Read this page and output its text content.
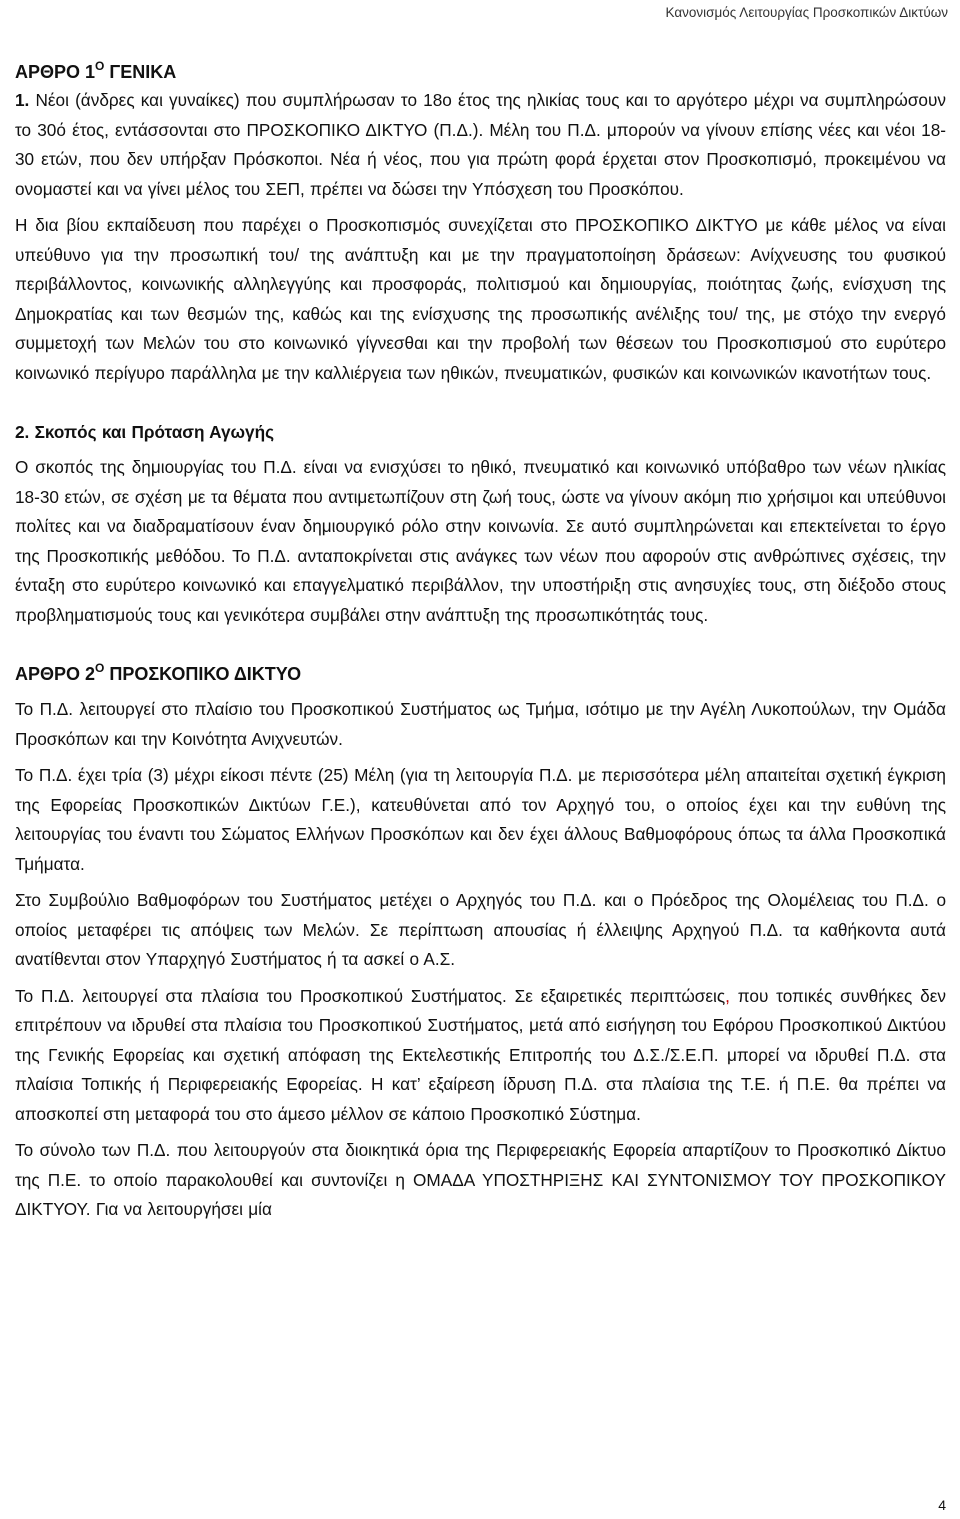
Κανονισμός Λειτουργίας Προσκοπικών Δικτύων
ΑΡΘΡΟ $1^O$ ΓΕΝΙΚΑ

1. Νέοι (άνδρες και γυναίκες) που συμπλήρωσαν το 18ο έτος της ηλικίας τους και το αργότερο μέχρι να συμπληρώσουν το 30ό έτος, εντάσσονται στο ΠΡΟΣΚΟΠΙΚΟ ΔΙΚΤΥΟ (Π.Δ.). Μέλη του Π.Δ. μπορούν να γίνουν επίσης νέες και νέοι 18-30 ετών, που δεν υπήρξαν Πρόσκοποι. Νέα ή νέος, που για πρώτη φορά έρχεται στον Προσκοπισμό, προκειμένου να ονομαστεί και να γίνει μέλος του ΣΕΠ, πρέπει να δώσει την Υπόσχεση του Προσκόπου.

Η δια βίου εκπαίδευση που παρέχει ο Προσκοπισμός συνεχίζεται στο ΠΡΟΣΚΟΠΙΚΟ ΔΙΚΤΥΟ με κάθε μέλος να είναι υπεύθυνο για την προσωπική του/ της ανάπτυξη και με την πραγματοποίηση δράσεων: Ανίχνευσης του φυσικού περιβάλλοντος, κοινωνικής αλληλεγγύης και προσφοράς, πολιτισμού και δημιουργίας, ποιότητας ζωής, ενίσχυση της Δημοκρατίας και των θεσμών της, καθώς και της ενίσχυσης της προσωπικής ανέλιξης του/ της, με στόχο την ενεργό συμμετοχή των Μελών του στο κοινωνικό γίγνεσθαι και την προβολή των θέσεων του Προσκοπισμού στο ευρύτερο κοινωνικό περίγυρο παράλληλα με την καλλιέργεια των ηθικών, πνευματικών, φυσικών και κοινωνικών ικανοτήτων τους.

2. Σκοπός και Πρόταση Αγωγής

Ο σκοπός της δημιουργίας του Π.Δ. είναι να ενισχύσει το ηθικό, πνευματικό και κοινωνικό υπόβαθρο των νέων ηλικίας 18-30 ετών, σε σχέση με τα θέματα που αντιμετωπίζουν στη ζωή τους, ώστε να γίνουν ακόμη πιο χρήσιμοι και υπεύθυνοι πολίτες και να διαδραματίσουν έναν δημιουργικό ρόλο στην κοινωνία. Σε αυτό συμπληρώνεται και επεκτείνεται το έργο της Προσκοπικής μεθόδου. Το Π.Δ. ανταποκρίνεται στις ανάγκες των νέων που αφορούν στις ανθρώπινες σχέσεις, την ένταξη στο ευρύτερο κοινωνικό και επαγγελματικό περιβάλλον, την υποστήριξη στις ανησυχίες τους, στη διέξοδο στους προβληματισμούς τους και γενικότερα συμβάλει στην ανάπτυξη της προσωπικότητάς τους.

ΑΡΘΡΟ $2^O$ ΠΡΟΣΚΟΠΙΚΟ ΔΙΚΤΥΟ

Το Π.Δ. λειτουργεί στο πλαίσιο του Προσκοπικού Συστήματος ως Τμήμα, ισότιμο με την Αγέλη Λυκοπούλων, την Ομάδα Προσκόπων και την Κοινότητα Ανιχνευτών.

Το Π.Δ. έχει τρία (3) μέχρι είκοσι πέντε (25) Μέλη (για τη λειτουργία Π.Δ. με περισσότερα μέλη απαιτείται σχετική έγκριση της Εφορείας Προσκοπικών Δικτύων Γ.Ε.), κατευθύνεται από τον Αρχηγό του, ο οποίος έχει και την ευθύνη της λειτουργίας του έναντι του Σώματος Ελλήνων Προσκόπων και δεν έχει άλλους Βαθμοφόρους όπως τα άλλα Προσκοπικά Τμήματα.

Στο Συμβούλιο Βαθμοφόρων του Συστήματος μετέχει ο Αρχηγός του Π.Δ. και ο Πρόεδρος της Ολομέλειας του Π.Δ. ο οποίος μεταφέρει τις απόψεις των Μελών. Σε περίπτωση απουσίας ή έλλειψης Αρχηγού Π.Δ. τα καθήκοντα αυτά ανατίθενται στον Υπαρχηγό Συστήματος ή τα ασκεί ο Α.Σ.

Το Π.Δ. λειτουργεί στα πλαίσια του Προσκοπικού Συστήματος. Σε εξαιρετικές περιπτώσεις, που τοπικές συνθήκες δεν επιτρέπουν να ιδρυθεί στα πλαίσια του Προσκοπικού Συστήματος, μετά από εισήγηση του Εφόρου Προσκοπικού Δικτύου της Γενικής Εφορείας και σχετική απόφαση της Εκτελεστικής Επιτροπής του Δ.Σ./Σ.Ε.Π. μπορεί να ιδρυθεί Π.Δ. στα πλαίσια Τοπικής ή Περιφερειακής Εφορείας. Η κατ’ εξαίρεση ίδρυση Π.Δ. στα πλαίσια της Τ.Ε. ή Π.Ε. θα πρέπει να αποσκοπεί στη μεταφορά του στο άμεσο μέλλον σε κάποιο Προσκοπικό Σύστημα.

Το σύνολο των Π.Δ. που λειτουργούν στα διοικητικά όρια της Περιφερειακής Εφορεία απαρτίζουν το Προσκοπικό Δίκτυο της Π.Ε. το οποίο παρακολουθεί και συντονίζει η ΟΜΑΔΑ ΥΠΟΣΤΗΡΙΞΗΣ ΚΑΙ ΣΥΝΤΟΝΙΣΜΟΥ ΤΟΥ ΠΡΟΣΚΟΠΙΚΟΥ ΔΙΚΤΥΟΥ. Για να λειτουργήσει μία

4
